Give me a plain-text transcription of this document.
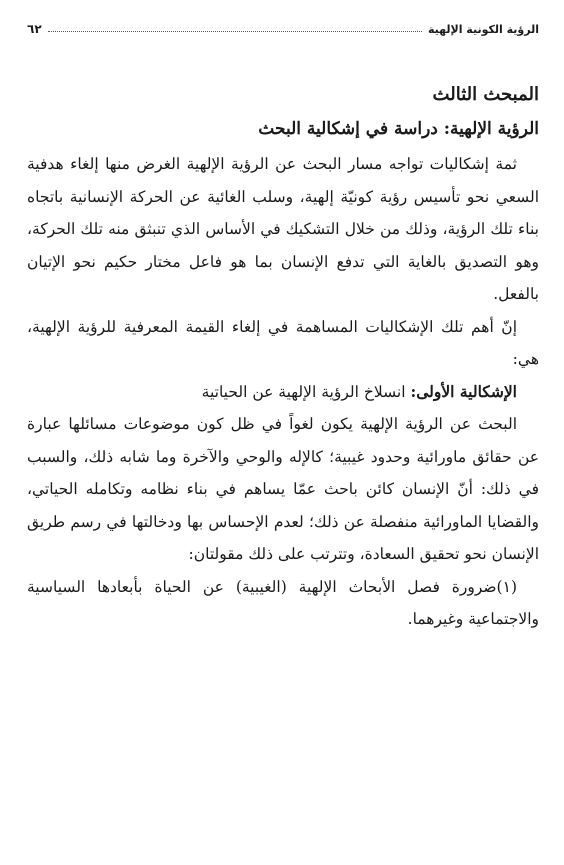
الرؤية الكونية الإلهية
٦٢
المبحث الثالث
الرؤية الإلهية: دراسة في إشكالية البحث

ثمة إشكاليات تواجه مسار البحث عن الرؤية الإلهية الغرض منها إلغاء هدفية السعي نحو تأسيس رؤية كونيّة إلهية، وسلب الغائية عن الحركة الإنسانية باتجاه بناء تلك الرؤية، وذلك من خلال التشكيك في الأساس الذي تنبثق منه تلك الحركة، وهو التصديق بالغاية التي تدفع الإنسان بما هو فاعل مختار حكيم نحو الإتيان بالفعل.

إنّ أهم تلك الإشكاليات المساهمة في إلغاء القيمة المعرفية للرؤية الإلهية، هي:

الإشكالية الأولى: انسلاخ الرؤية الإلهية عن الحياتية

البحث عن الرؤية الإلهية يكون لغواً في ظل كون موضوعات مسائلها عبارة عن حقائق ماورائية وحدود غيبية؛ كالإله والوحي والآخرة وما شابه ذلك، والسبب في ذلك: أنّ الإنسان كائن باحث عمّا يساهم في بناء نظامه وتكامله الحياتي، والقضايا الماورائية منفصلة عن ذلك؛ لعدم الإحساس بها ودخالتها في رسم طريق الإنسان نحو تحقيق السعادة، وتترتب على ذلك مقولتان:

(١)ضرورة فصل الأبحاث الإلهية (الغيبية) عن الحياة بأبعادها السياسية والاجتماعية وغيرهما.
